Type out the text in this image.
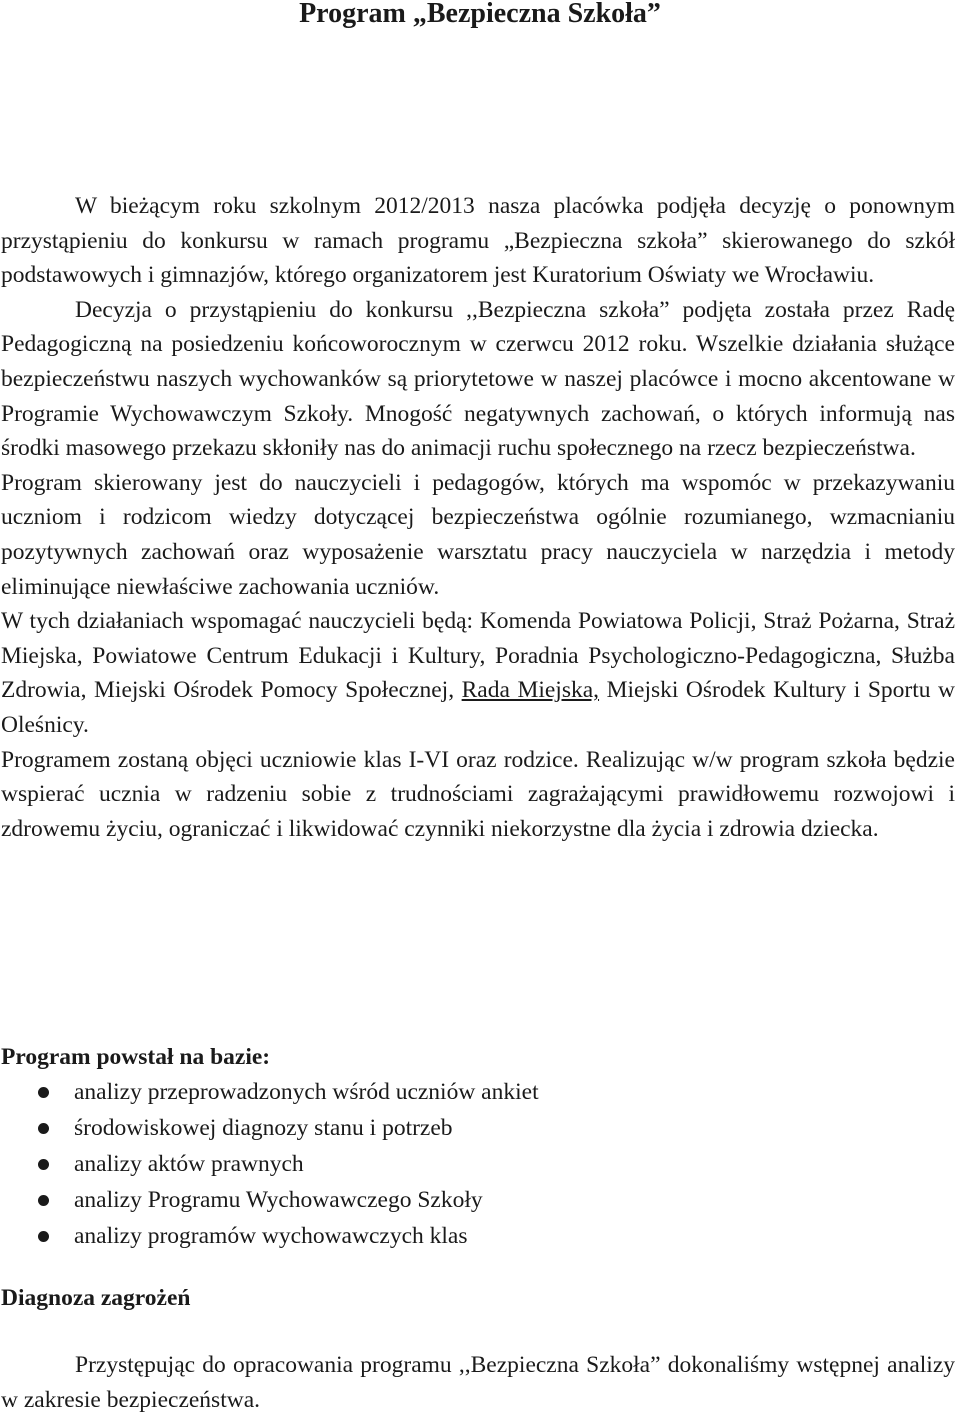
Program „Bezpieczna Szkoła”

W bieżącym roku szkolnym 2012/2013 nasza placówka podjęła decyzję o ponownym przystąpieniu do konkursu w ramach programu „Bezpieczna szkoła” skierowanego do szkół podstawowych i gimnazjów, którego organizatorem jest Kuratorium Oświaty we Wrocławiu.

Decyzja o przystąpieniu do konkursu ,,Bezpieczna szkoła” podjęta została przez Radę Pedagogiczną na posiedzeniu końcoworocznym w czerwcu 2012 roku. Wszelkie działania służące bezpieczeństwu naszych wychowanków są priorytetowe w naszej placówce i mocno akcentowane w Programie Wychowawczym Szkoły. Mnogość negatywnych zachowań, o których informują nas środki masowego przekazu skłoniły nas do animacji ruchu społecznego na rzecz bezpieczeństwa.

Program skierowany jest do nauczycieli i pedagogów, których ma wspomóc w przekazywaniu uczniom i rodzicom wiedzy dotyczącej bezpieczeństwa ogólnie rozumianego, wzmacnianiu pozytywnych zachowań oraz wyposażenie warsztatu pracy nauczyciela w narzędzia i metody eliminujące niewłaściwe zachowania uczniów.

W tych działaniach wspomagać nauczycieli będą: Komenda Powiatowa Policji, Straż Pożarna, Straż Miejska, Powiatowe Centrum Edukacji i Kultury, Poradnia Psychologiczno-Pedagogiczna, Służba Zdrowia, Miejski Ośrodek Pomocy Społecznej, Rada Miejska, Miejski Ośrodek Kultury i Sportu w Oleśnicy.

Programem zostaną objęci uczniowie klas I-VI oraz rodzice. Realizując w/w program szkoła będzie wspierać ucznia w radzeniu sobie z trudnościami zagrażającymi prawidłowemu rozwojowi i zdrowemu życiu, ograniczać i likwidować czynniki niekorzystne dla życia i zdrowia dziecka.

Program powstał na bazie:
analizy przeprowadzonych wśród uczniów ankiet
środowiskowej diagnozy stanu i potrzeb
analizy aktów prawnych
analizy Programu Wychowawczego Szkoły
analizy programów wychowawczych klas
Diagnoza zagrożeń

Przystępując do opracowania programu ,,Bezpieczna Szkoła” dokonaliśmy wstępnej analizy w zakresie bezpieczeństwa.
